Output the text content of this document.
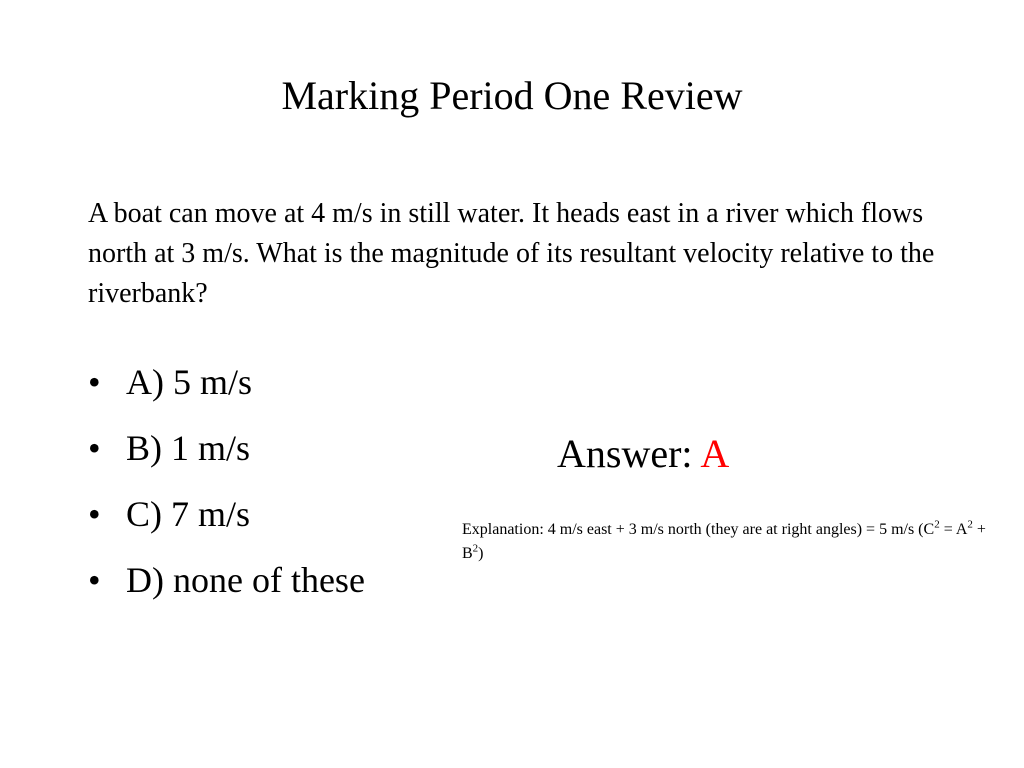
Marking Period One Review

A boat can move at 4 m/s in still water. It heads east in a river which flows north at 3 m/s. What is the magnitude of its resultant velocity relative to the riverbank?

• A) 5 m/s
• B) 1 m/s
• C) 7 m/s
• D) none of these
Answer: A

Explanation: 4 m/s east + 3 m/s north (they are at right angles) = 5 m/s $(C^2 = A^2 + B^2)$
